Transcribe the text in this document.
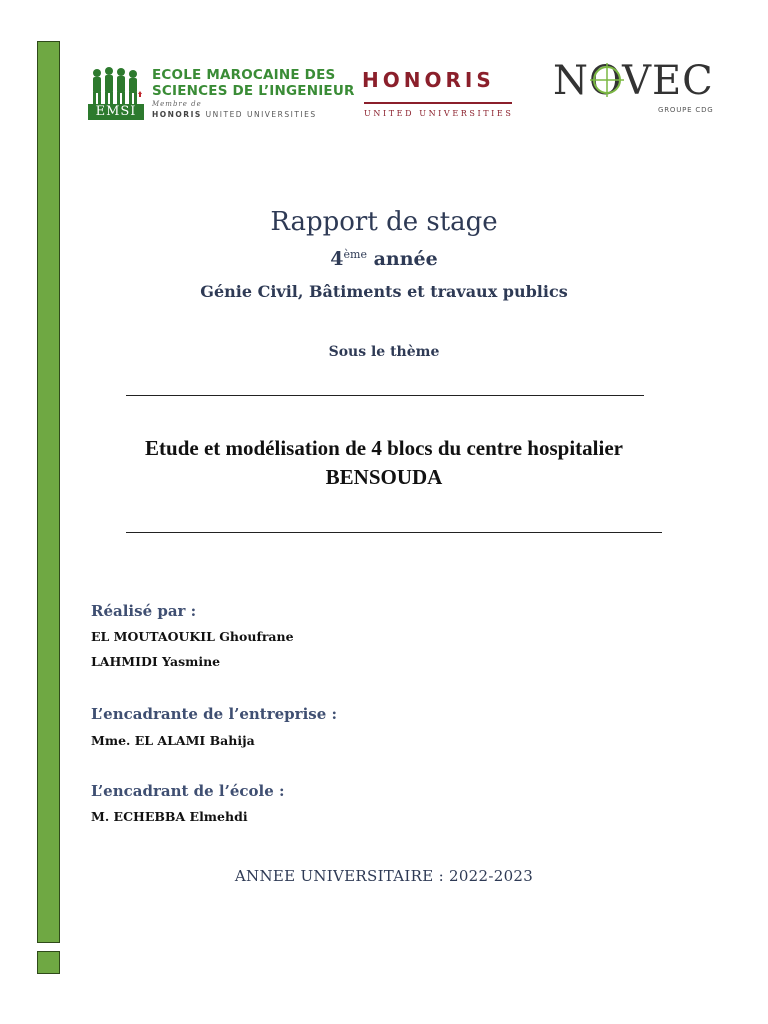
EMSI
ECOLE MAROCAINE DES
SCIENCES DE L’INGENIEUR
Membre de
HONORIS UNITED UNIVERSITIES
HONORIS
UNITED UNIVERSITIES
NOVEC
GROUPE CDG
Rapport de stage
4ème année
Génie Civil, Bâtiments et travaux publics
Sous le thème
Etude et modélisation de 4 blocs du centre hospitalier
BENSOUDA
Réalisé par :
EL MOUTAOUKIL Ghoufrane
LAHMIDI Yasmine
L’encadrante de l’entreprise :
Mme. EL ALAMI Bahija
L’encadrant de l’école :
M. ECHEBBA Elmehdi
ANNEE UNIVERSITAIRE : 2022-2023
